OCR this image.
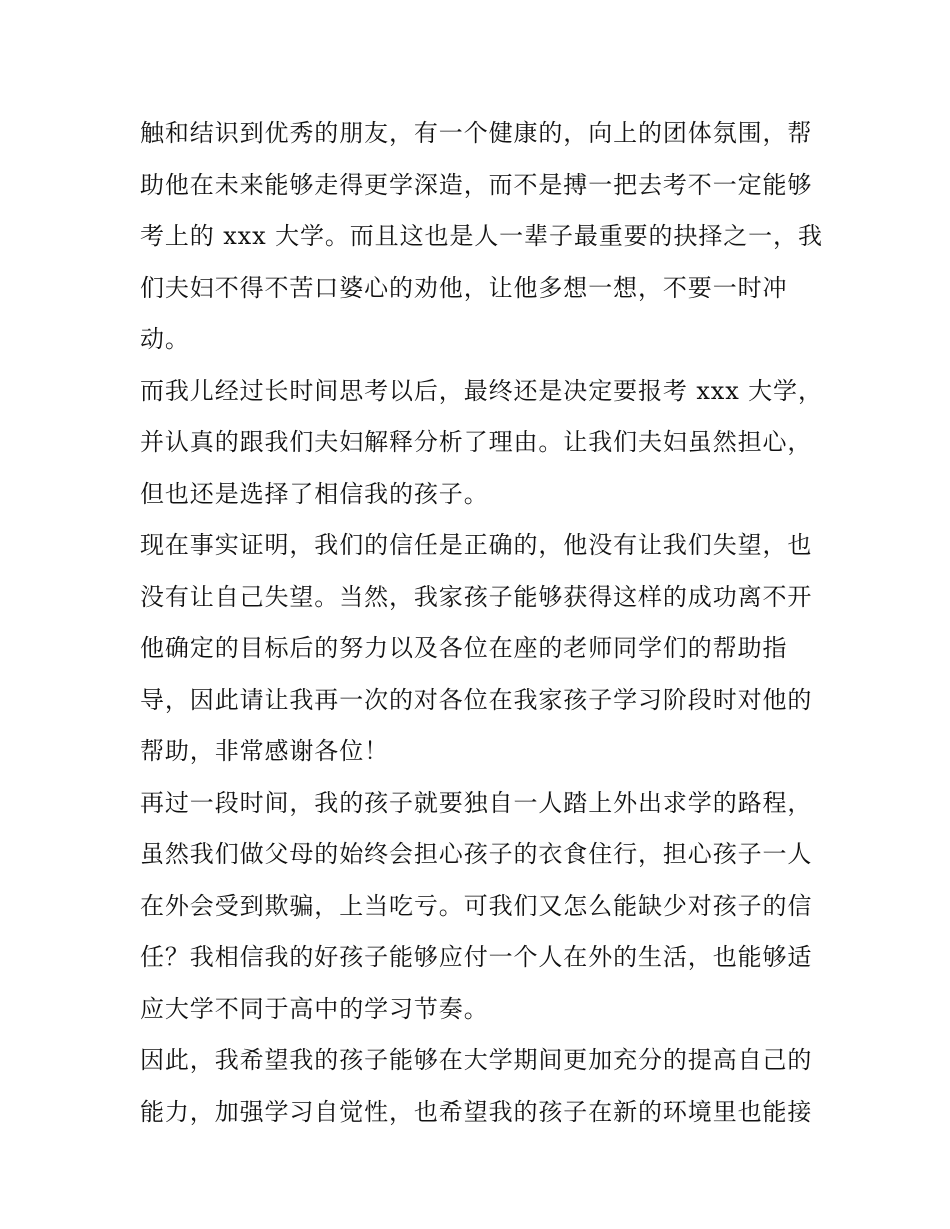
触和结识到优秀的朋友，有一个健康的，向上的团体氛围，帮
助他在未来能够走得更学深造，而不是搏一把去考不一定能够
考上的 xxx 大学。而且这也是人一辈子最重要的抉择之一，我
们夫妇不得不苦口婆心的劝他，让他多想一想，不要一时冲
动。
而我儿经过长时间思考以后，最终还是决定要报考 xxx 大学，
并认真的跟我们夫妇解释分析了理由。让我们夫妇虽然担心，
但也还是选择了相信我的孩子。
现在事实证明，我们的信任是正确的，他没有让我们失望，也
没有让自己失望。当然，我家孩子能够获得这样的成功离不开
他确定的目标后的努力以及各位在座的老师同学们的帮助指
导，因此请让我再一次的对各位在我家孩子学习阶段时对他的
帮助，非常感谢各位！
再过一段时间，我的孩子就要独自一人踏上外出求学的路程，
虽然我们做父母的始终会担心孩子的衣食住行，担心孩子一人
在外会受到欺骗，上当吃亏。可我们又怎么能缺少对孩子的信
任？我相信我的好孩子能够应付一个人在外的生活，也能够适
应大学不同于高中的学习节奏。
因此，我希望我的孩子能够在大学期间更加充分的提高自己的
能力，加强学习自觉性，也希望我的孩子在新的环境里也能接
